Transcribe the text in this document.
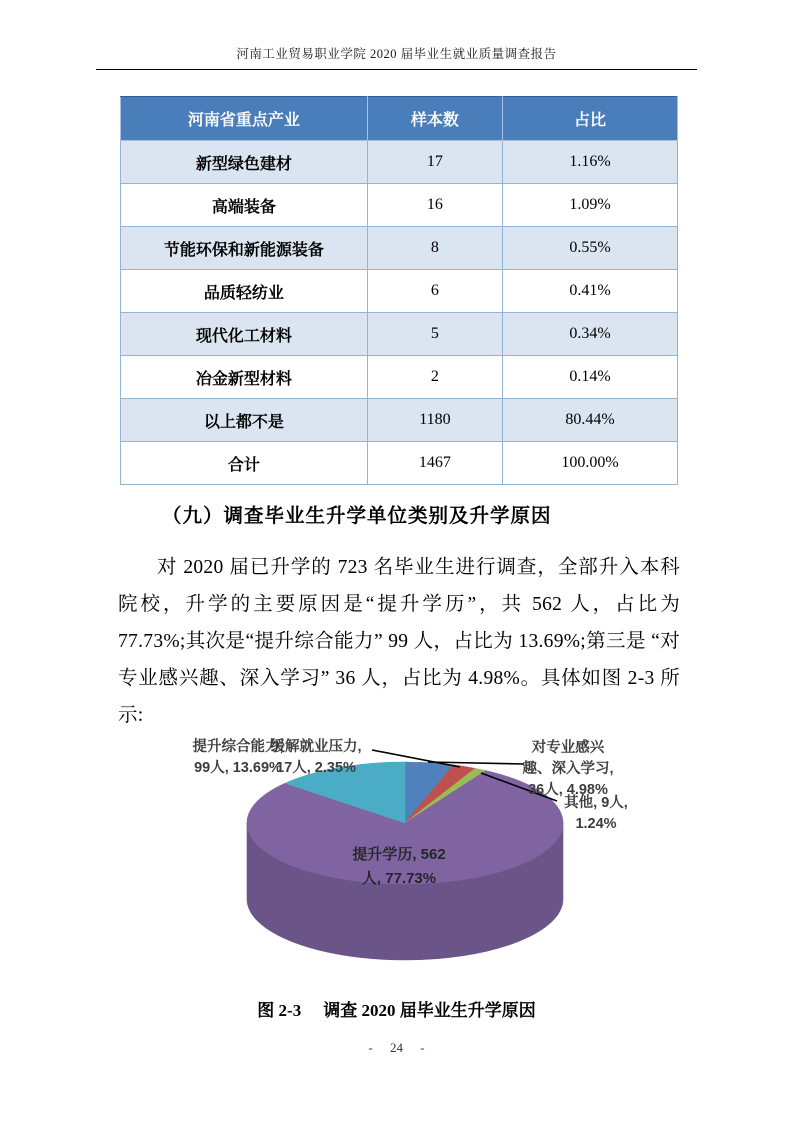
河南工业贸易职业学院 2020 届毕业生就业质量调查报告
河南省重点产业	样本数	占比
新型绿色建材	17	1.16%
高端装备	16	1.09%
节能环保和新能源装备	8	0.55%
品质轻纺业	6	0.41%
现代化工材料	5	0.34%
冶金新型材料	2	0.14%
以上都不是	1180	80.44%
合计	1467	100.00%
（九）调查毕业生升学单位类别及升学原因
对 2020 届已升学的 723 名毕业生进行调查，全部升入本科院校，升学的主要原因是“提升学历”，共 562 人，占比为 77.73%;其次是“提升综合能力” 99 人，占比为 13.69%;第三是 “对专业感兴趣、深入学习” 36 人，占比为 4.98%。具体如图 2-3 所示:
提升综合能力,
99人, 13.69%
缓解就业压力,
17人, 2.35%
对专业感兴
趣、深入学习,
36人, 4.98%
其他, 9人,
1.24%
提升学历, 562
人, 77.73%
图 2-3 调查 2020 届毕业生升学原因
- 24 -
